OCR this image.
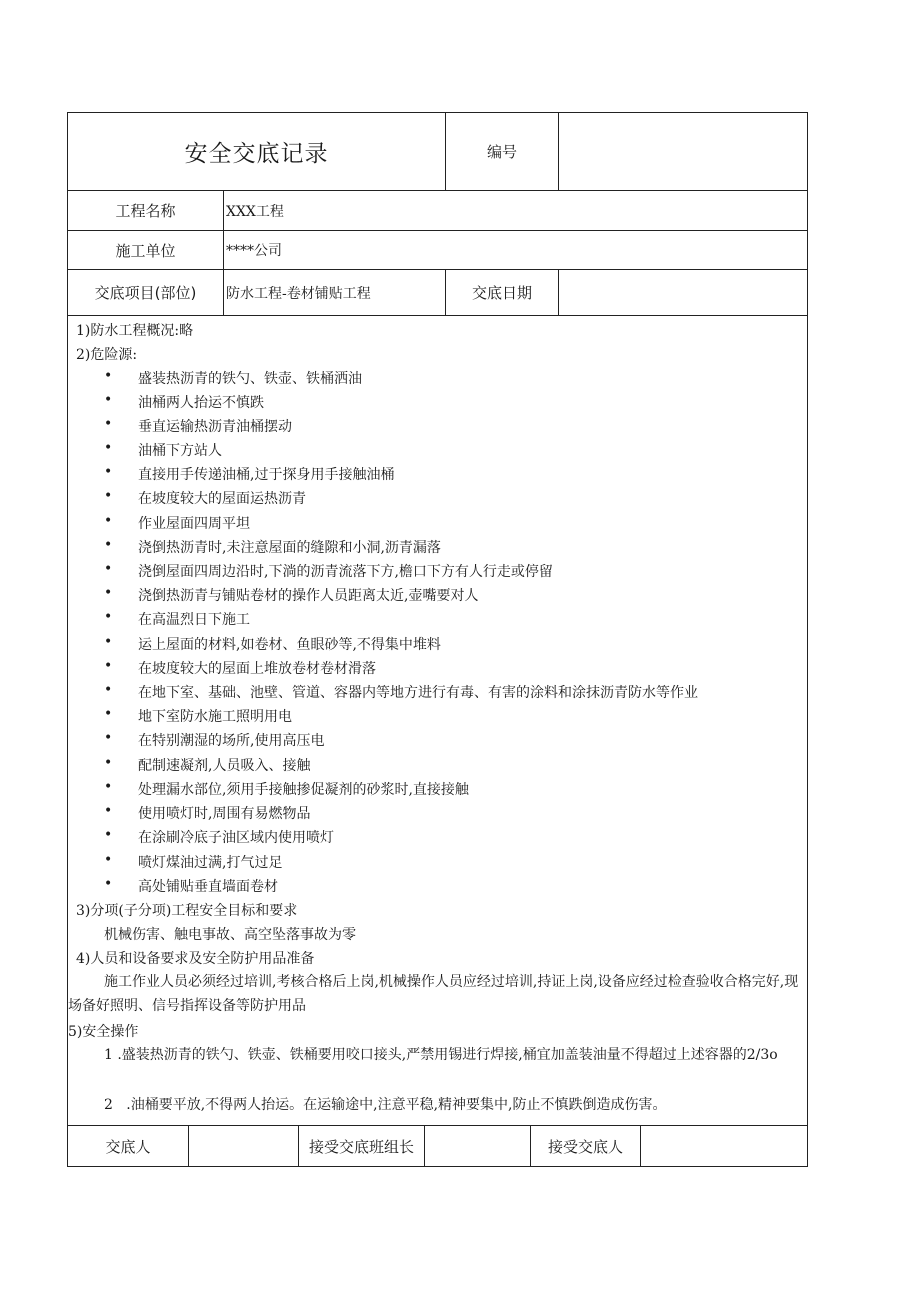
安全交底记录	编号
工程名称	XXX工程
施工单位	****公司
交底项目(部位)	防水工程-卷材铺贴工程	交底日期
1)防水工程概况:略
2)危险源:
• 盛装热沥青的铁勺、铁壶、铁桶洒油
• 油桶两人抬运不慎跌
• 垂直运输热沥青油桶摆动
• 油桶下方站人
• 直接用手传递油桶,过于探身用手接触油桶
• 在坡度较大的屋面运热沥青
• 作业屋面四周平坦
• 浇倒热沥青时,未注意屋面的缝隙和小洞,沥青漏落
• 浇倒屋面四周边沿时,下淌的沥青流落下方,檐口下方有人行走或停留
• 浇倒热沥青与铺贴卷材的操作人员距离太近,壶嘴要对人
• 在高温烈日下施工
• 运上屋面的材料,如卷材、鱼眼砂等,不得集中堆料
• 在坡度较大的屋面上堆放卷材卷材滑落
• 在地下室、基础、池壁、管道、容器内等地方进行有毒、有害的涂料和涂抹沥青防水等作业
• 地下室防水施工照明用电
• 在特别潮湿的场所,使用高压电
• 配制速凝剂,人员吸入、接触
• 处理漏水部位,须用手接触掺促凝剂的砂浆时,直接接触
• 使用喷灯时,周围有易燃物品
• 在涂刷冷底子油区域内使用喷灯
• 喷灯煤油过满,打气过足
• 高处铺贴垂直墙面卷材
3)分项(子分项)工程安全目标和要求
机械伤害、触电事故、高空坠落事故为零
4)人员和设备要求及安全防护用品准备
施工作业人员必须经过培训,考核合格后上岗,机械操作人员应经过培训,持证上岗,设备应经过检查验收合格完好,现场备好照明、信号指挥设备等防护用品
5)安全操作
1 .盛装热沥青的铁勺、铁壶、铁桶要用咬口接头,严禁用锡进行焊接,桶宜加盖装油量不得超过上述容器的2/3o
2   .油桶要平放,不得两人抬运。在运输途中,注意平稳,精神要集中,防止不慎跌倒造成伤害。
交底人	接受交底班组长	接受交底人
